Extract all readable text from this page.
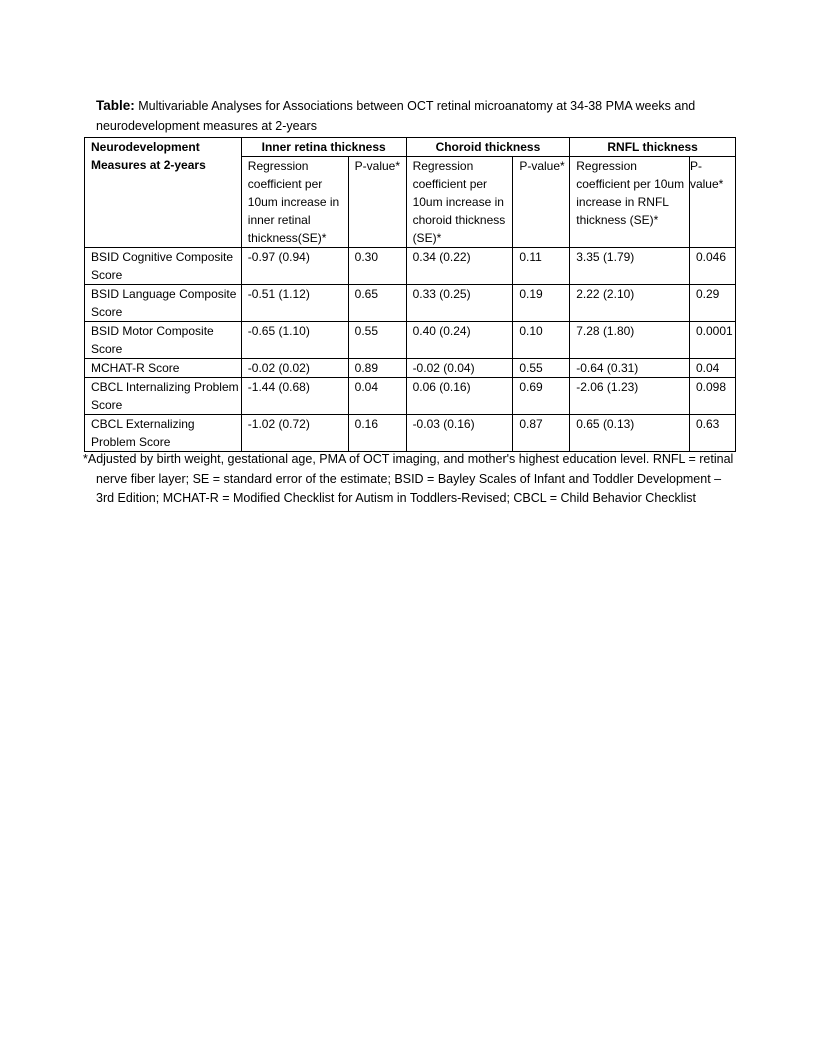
Table: Multivariable Analyses for Associations between OCT retinal microanatomy at 34-38 PMA weeks and neurodevelopment measures at 2-years
Neurodevelopment Measures at 2-years	Inner retina thickness		Choroid thickness		RNFL thickness	
	Regression coefficient per 10um increase in inner retinal thickness(SE)*	P-value*	Regression coefficient per 10um increase in choroid thickness (SE)*	P-value*	Regression coefficient per 10um increase in RNFL thickness (SE)*	P-value*
BSID Cognitive Composite Score	-0.97 (0.94)	0.30	0.34 (0.22)	0.11	3.35 (1.79)	0.046
BSID Language Composite Score	-0.51 (1.12)	0.65	0.33 (0.25)	0.19	2.22 (2.10)	0.29
BSID Motor Composite Score	-0.65 (1.10)	0.55	0.40 (0.24)	0.10	7.28 (1.80)	0.0001
MCHAT-R Score	-0.02 (0.02)	0.89	-0.02 (0.04)	0.55	-0.64 (0.31)	0.04
CBCL Internalizing Problem Score	-1.44 (0.68)	0.04	0.06 (0.16)	0.69	-2.06 (1.23)	0.098
CBCL Externalizing Problem Score	-1.02 (0.72)	0.16	-0.03 (0.16)	0.87	0.65 (0.13)	0.63
*Adjusted by birth weight, gestational age, PMA of OCT imaging, and mother's highest education level. RNFL = retinal nerve fiber layer; SE = standard error of the estimate; BSID = Bayley Scales of Infant and Toddler Development – 3rd Edition; MCHAT-R = Modified Checklist for Autism in Toddlers-Revised; CBCL = Child Behavior Checklist
